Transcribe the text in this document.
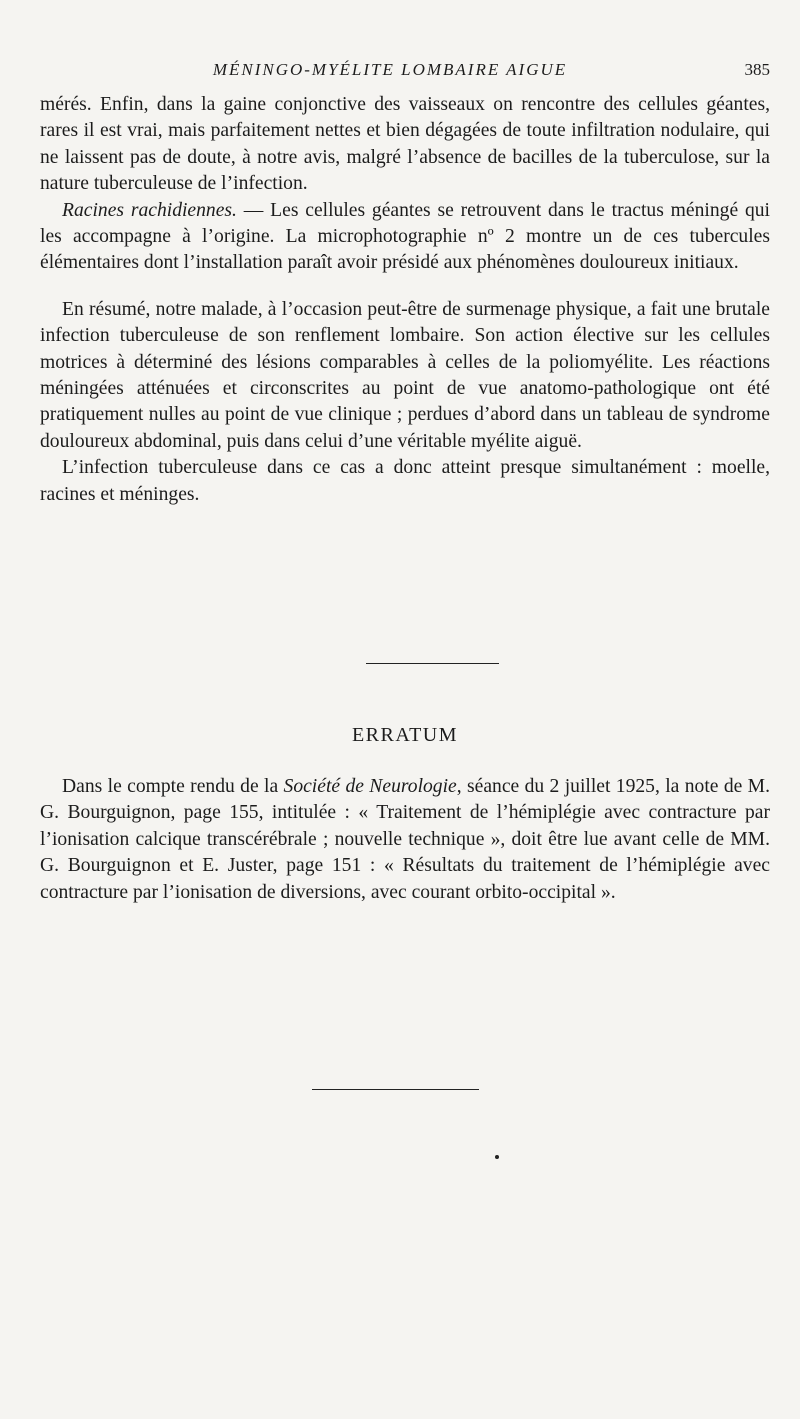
MÉNINGO-MYÉLITE LOMBAIRE AIGUE	385

mérés. Enfin, dans la gaine conjonctive des vaisseaux on rencontre des cellules géantes, rares il est vrai, mais parfaitement nettes et bien dégagées de toute infiltration nodulaire, qui ne laissent pas de doute, à notre avis, malgré l’absence de bacilles de la tuberculose, sur la nature tuberculeuse de l’infection.

Racines rachidiennes. — Les cellules géantes se retrouvent dans le tractus méningé qui les accompagne à l’origine. La microphotographie nº 2 montre un de ces tubercules élémentaires dont l’installation paraît avoir présidé aux phénomènes douloureux initiaux.

En résumé, notre malade, à l’occasion peut-être de surmenage physique, a fait une brutale infection tuberculeuse de son renflement lombaire. Son action élective sur les cellules motrices à déterminé des lésions comparables à celles de la poliomyélite. Les réactions méningées atténuées et circonscrites au point de vue anatomo-pathologique ont été pratiquement nulles au point de vue clinique ; perdues d’abord dans un tableau de syndrome douloureux abdominal, puis dans celui d’une véritable myélite aiguë.

L’infection tuberculeuse dans ce cas a donc atteint presque simultanément : moelle, racines et méninges.

ERRATUM

Dans le compte rendu de la Société de Neurologie, séance du 2 juillet 1925, la note de M. G. Bourguignon, page 155, intitulée : « Traitement de l’hémiplégie avec contracture par l’ionisation calcique transcérébrale ; nouvelle technique », doit être lue avant celle de MM. G. Bourguignon et E. Juster, page 151 : « Résultats du traitement de l’hémiplégie avec contracture par l’ionisation de diversions, avec courant orbito-occipital ».
